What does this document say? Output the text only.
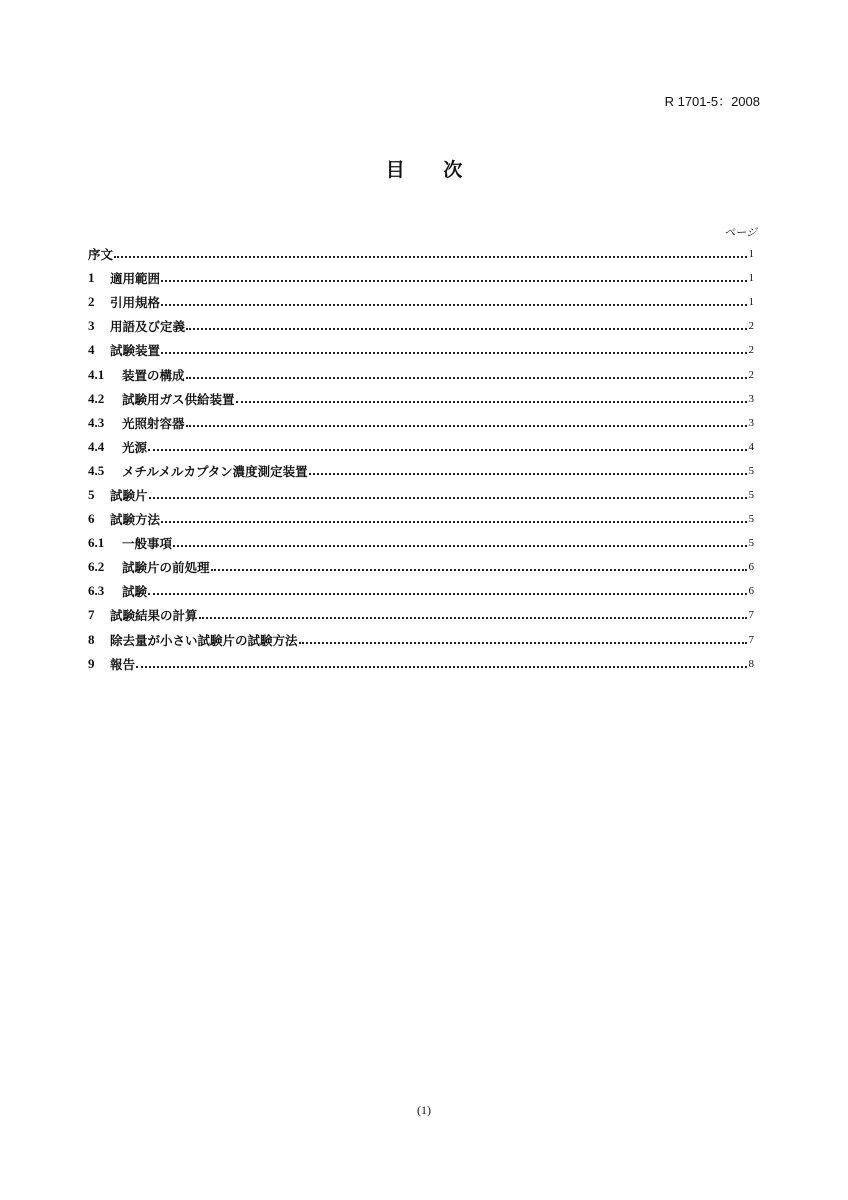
R 1701-5：2008
目 次
ページ
序文	1
1	適用範囲	1
2	引用規格	1
3	用語及び定義	2
4	試験装置	2
4.1	装置の構成	2
4.2	試験用ガス供給装置	3
4.3	光照射容器	3
4.4	光源	4
4.5	メチルメルカプタン濃度測定装置	5
5	試験片	5
6	試験方法	5
6.1	一般事項	5
6.2	試験片の前処理	6
6.3	試験	6
7	試験結果の計算	7
8	除去量が小さい試験片の試験方法	7
9	報告	8
(1)
